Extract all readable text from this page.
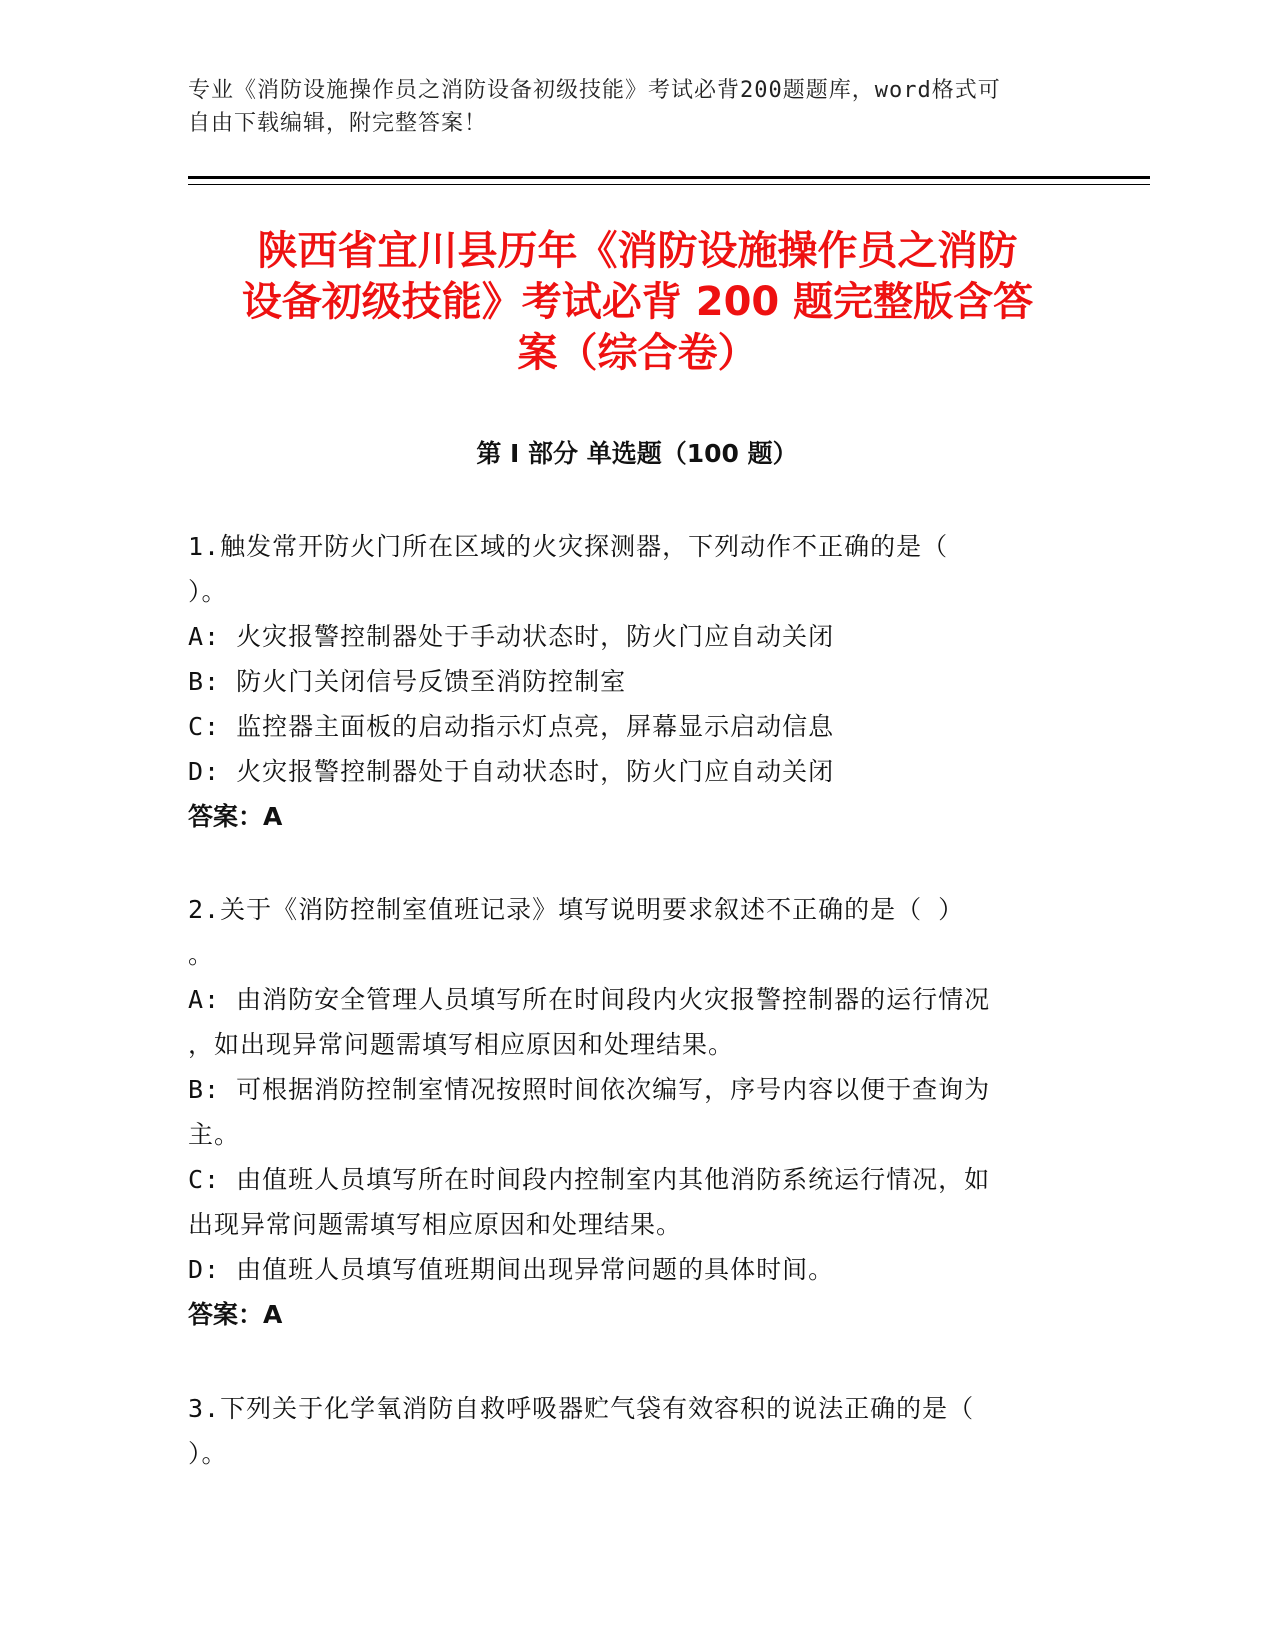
专业《消防设施操作员之消防设备初级技能》考试必背200题题库，word格式可
自由下载编辑，附完整答案！
陕西省宜川县历年《消防设施操作员之消防
设备初级技能》考试必背 200 题完整版含答
案（综合卷）
第 I 部分 单选题（100 题）
1.触发常开防火门所在区域的火灾探测器，下列动作不正确的是（
）。
A: 火灾报警控制器处于手动状态时，防火门应自动关闭
B: 防火门关闭信号反馈至消防控制室
C: 监控器主面板的启动指示灯点亮，屏幕显示启动信息
D: 火灾报警控制器处于自动状态时，防火门应自动关闭
答案：A
2.关于《消防控制室值班记录》填写说明要求叙述不正确的是（ ）
。
A: 由消防安全管理人员填写所在时间段内火灾报警控制器的运行情况
，如出现异常问题需填写相应原因和处理结果。
B: 可根据消防控制室情况按照时间依次编写，序号内容以便于查询为
主。
C: 由值班人员填写所在时间段内控制室内其他消防系统运行情况，如
出现异常问题需填写相应原因和处理结果。
D: 由值班人员填写值班期间出现异常问题的具体时间。
答案：A
3.下列关于化学氧消防自救呼吸器贮气袋有效容积的说法正确的是（
）。
